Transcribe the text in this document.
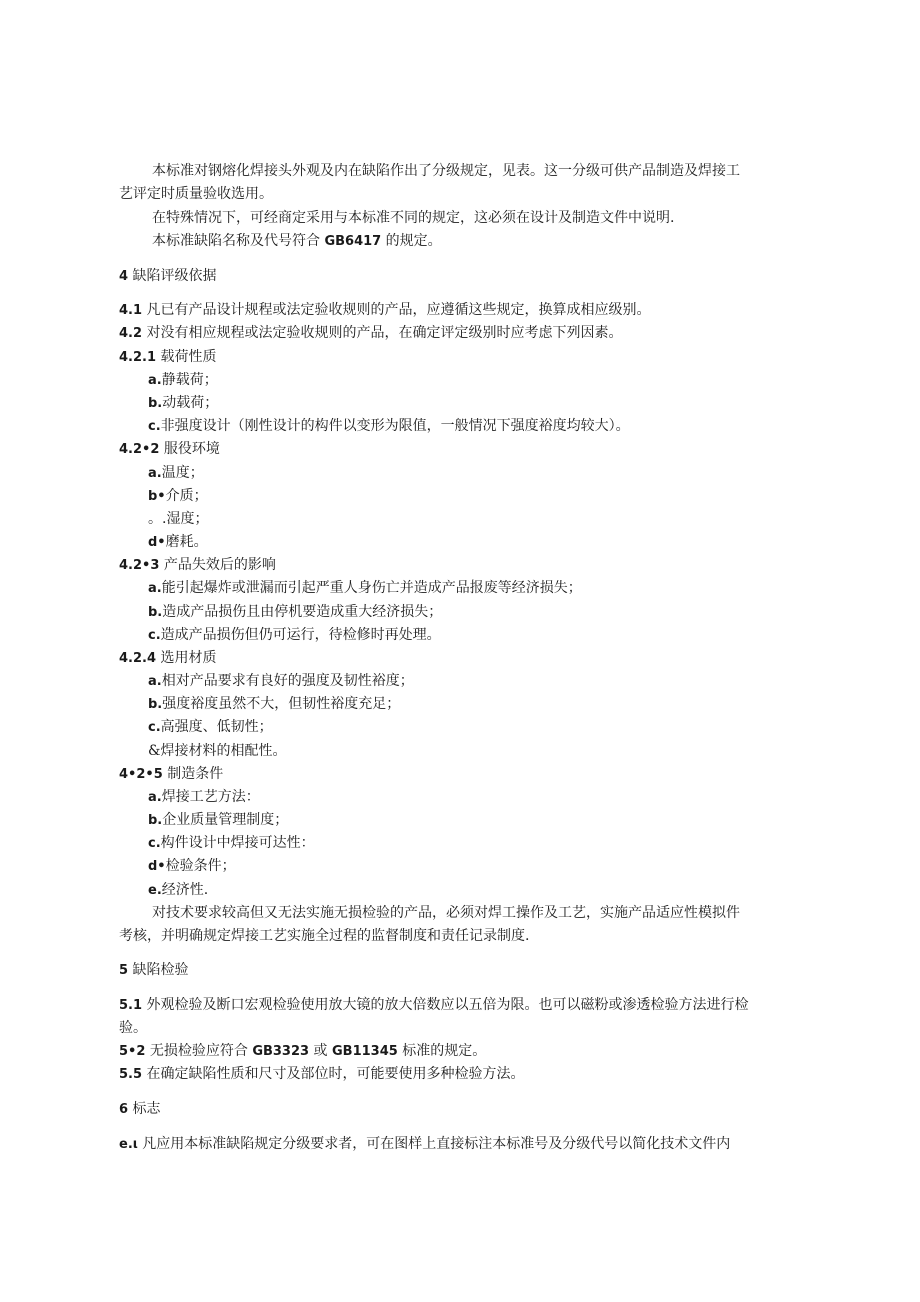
本标准对钢熔化焊接头外观及内在缺陷作出了分级规定，见表。这一分级可供产品制造及焊接工
艺评定时质量验收选用。
在特殊情况下，可经商定采用与本标准不同的规定，这必须在设计及制造文件中说明.
本标准缺陷名称及代号符合 GB6417 的规定。
4 缺陷评级依据
4.1 凡已有产品设计规程或法定验收规则的产品，应遵循这些规定，换算成相应级别。
4.2 对没有相应规程或法定验收规则的产品，在确定评定级别时应考虑下列因素。
4.2.1 载荷性质
a.静载荷；
b.动载荷；
c.非强度设计（刚性设计的构件以变形为限值，一般情况下强度裕度均较大）。
4.2•2 服役环境
a.温度；
b•介质；
。.湿度；
d•磨耗。
4.2•3 产品失效后的影响
a.能引起爆炸或泄漏而引起严重人身伤亡并造成产品报废等经济损失；
b.造成产品损伤且由停机要造成重大经济损失；
c.造成产品损伤但仍可运行，待检修时再处理。
4.2.4 选用材质
a.相对产品要求有良好的强度及韧性裕度；
b.强度裕度虽然不大，但韧性裕度充足；
c.高强度、低韧性；
&焊接材料的相配性。
4•2•5 制造条件
a.焊接工艺方法：
b.企业质量管理制度；
c.构件设计中焊接可达性：
d•检验条件；
e.经济性.
对技术要求较高但又无法实施无损检验的产品，必须对焊工操作及工艺，实施产品适应性模拟件
考核，并明确规定焊接工艺实施全过程的监督制度和责任记录制度.
5 缺陷检验
5.1 外观检验及断口宏观检验使用放大镜的放大倍数应以五倍为限。也可以磁粉或渗透检验方法进行检
验。
5•2 无损检验应符合 GB3323 或 GB11345 标准的规定。
5.5 在确定缺陷性质和尺寸及部位时，可能要使用多种检验方法。
6 标志
e.ι 凡应用本标准缺陷规定分级要求者，可在图样上直接标注本标准号及分级代号以简化技术文件内
